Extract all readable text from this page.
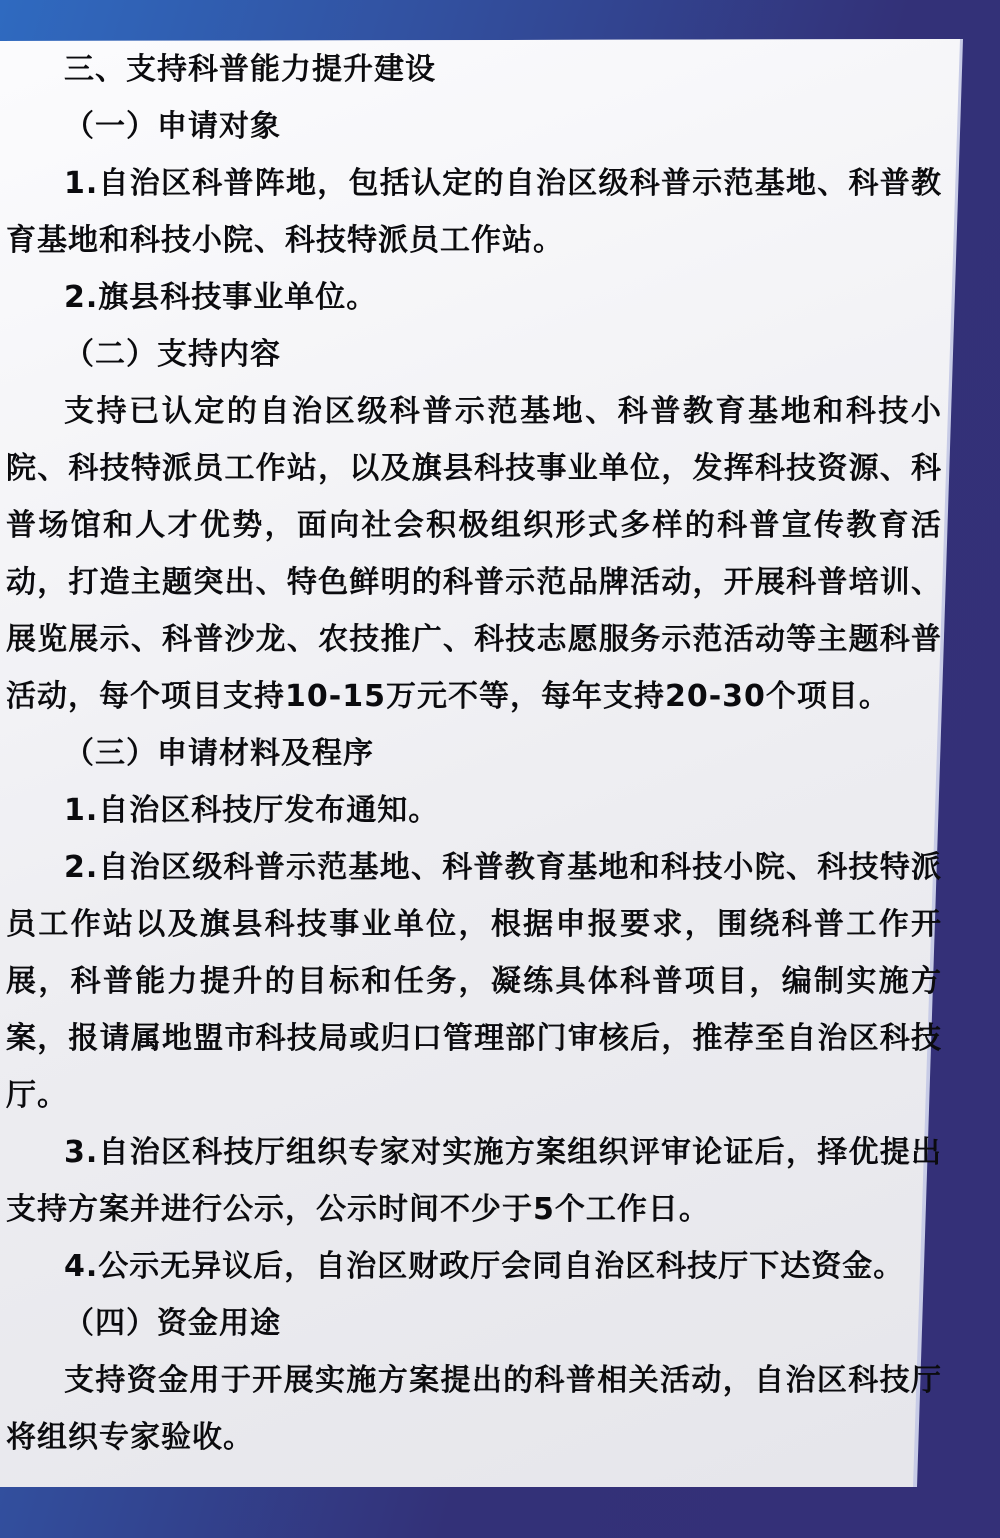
三、支持科普能力提升建设
（一）申请对象
1.自治区科普阵地，包括认定的自治区级科普示范基地、科普教
育基地和科技小院、科技特派员工作站。
2.旗县科技事业单位。
（二）支持内容
支持已认定的自治区级科普示范基地、科普教育基地和科技小
院、科技特派员工作站，以及旗县科技事业单位，发挥科技资源、科
普场馆和人才优势，面向社会积极组织形式多样的科普宣传教育活
动，打造主题突出、特色鲜明的科普示范品牌活动，开展科普培训、
展览展示、科普沙龙、农技推广、科技志愿服务示范活动等主题科普
活动，每个项目支持10-15万元不等，每年支持20-30个项目。
（三）申请材料及程序
1.自治区科技厅发布通知。
2.自治区级科普示范基地、科普教育基地和科技小院、科技特派
员工作站以及旗县科技事业单位，根据申报要求，围绕科普工作开
展，科普能力提升的目标和任务，凝练具体科普项目，编制实施方
案，报请属地盟市科技局或归口管理部门审核后，推荐至自治区科技
厅。
3.自治区科技厅组织专家对实施方案组织评审论证后，择优提出
支持方案并进行公示，公示时间不少于5个工作日。
4.公示无异议后，自治区财政厅会同自治区科技厅下达资金。
（四）资金用途
支持资金用于开展实施方案提出的科普相关活动，自治区科技厅
将组织专家验收。
